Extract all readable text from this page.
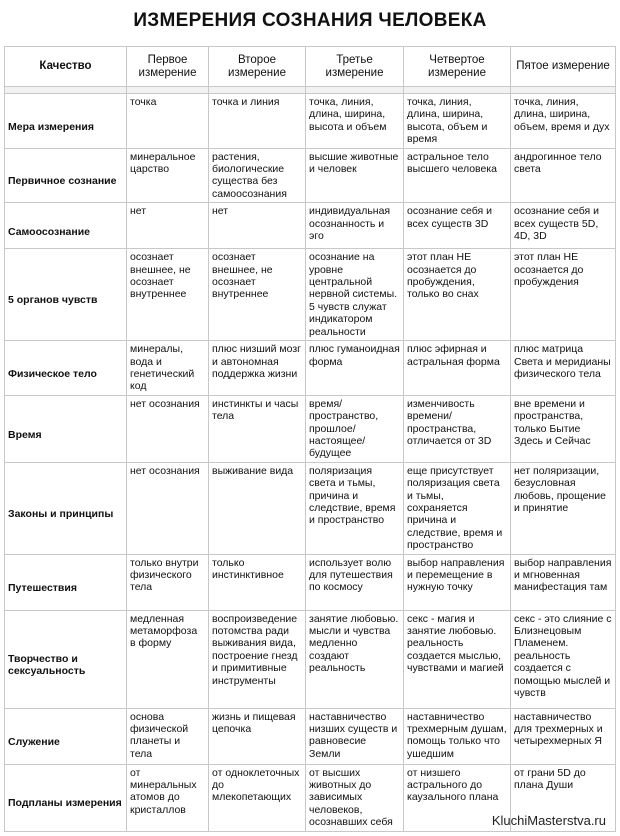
ИЗМЕРЕНИЯ СОЗНАНИЯ ЧЕЛОВЕКА
Качество	Первое измерение	Второе измерение	Третье измерение	Четвертое измерение	Пятое измерение

Мера измерения	точка	точка и линия	точка, линия, длина, ширина, высота и объем	точка, линия, длина, ширина, высота, объем и время	точка, линия, длина, ширина, объем, время и дух
Первичное сознание	минеральное царство	растения, биологические существа без самоосознания	высшие животные и человек	астральное тело высшего человека	андрогинное тело света
Самоосознание	нет	нет	индивидуальная осознанность и эго	осознание себя и всех существ 3D	осознание себя и всех существ 5D, 4D, 3D
5 органов чувств	осознает внешнее, не осознает внутреннее	осознает внешнее, не осознает внутреннее	осознание на уровне центральной нервной системы. 5 чувств служат индикатором реальности	этот план НЕ осознается до пробуждения, только во снах	этот план НЕ осознается до пробуждения
Физическое тело	минералы, вода и генетический код	плюс низший мозг и автономная поддержка жизни	плюс гуманоидная форма	плюс эфирная и астральная форма	плюс матрица Света и меридианы физического тела
Время	нет осознания	инстинкты и часы тела	время/пространство, прошлое/настоящее/будущее	изменчивость времени/пространства, отличается от 3D	вне времени и пространства, только Бытие Здесь и Сейчас
Законы и принципы	нет осознания	выживание вида	поляризация света и тьмы, причина и следствие, время и пространство	еще присутствует поляризация света и тьмы, сохраняется причина и следствие, время и пространство	нет поляризации, безусловная любовь, прощение и принятие
Путешествия	только внутри физического тела	только инстинктивное	использует волю для путешествия по космосу	выбор направления и перемещение в нужную точку	выбор направления и мгновенная манифестация там
Творчество и сексуальность	медленная метаморфоза в форму	воспроизведение потомства ради выживания вида, построение гнезд и примитивные инструменты	занятие любовью. мысли и чувства медленно создают реальность	секс - магия и занятие любовью. реальность создается мыслью, чувствами и магией	секс - это слияние с Близнецовым Пламенем. реальность создается с помощью мыслей и чувств
Служение	основа физической планеты и тела	жизнь и пищевая цепочка	наставничество низших существ и равновесие Земли	наставничество трехмерным душам, помощь только что ушедшим	наставничество для трехмерных и четырехмерных Я
Подпланы измерения	от минеральных атомов до кристаллов	от одноклеточных до млекопетающих	от высших животных до зависимых человеков, осознавших себя	от низшего астрального до каузального плана	от грани 5D до плана Души
KluchiMasterstva.ru
